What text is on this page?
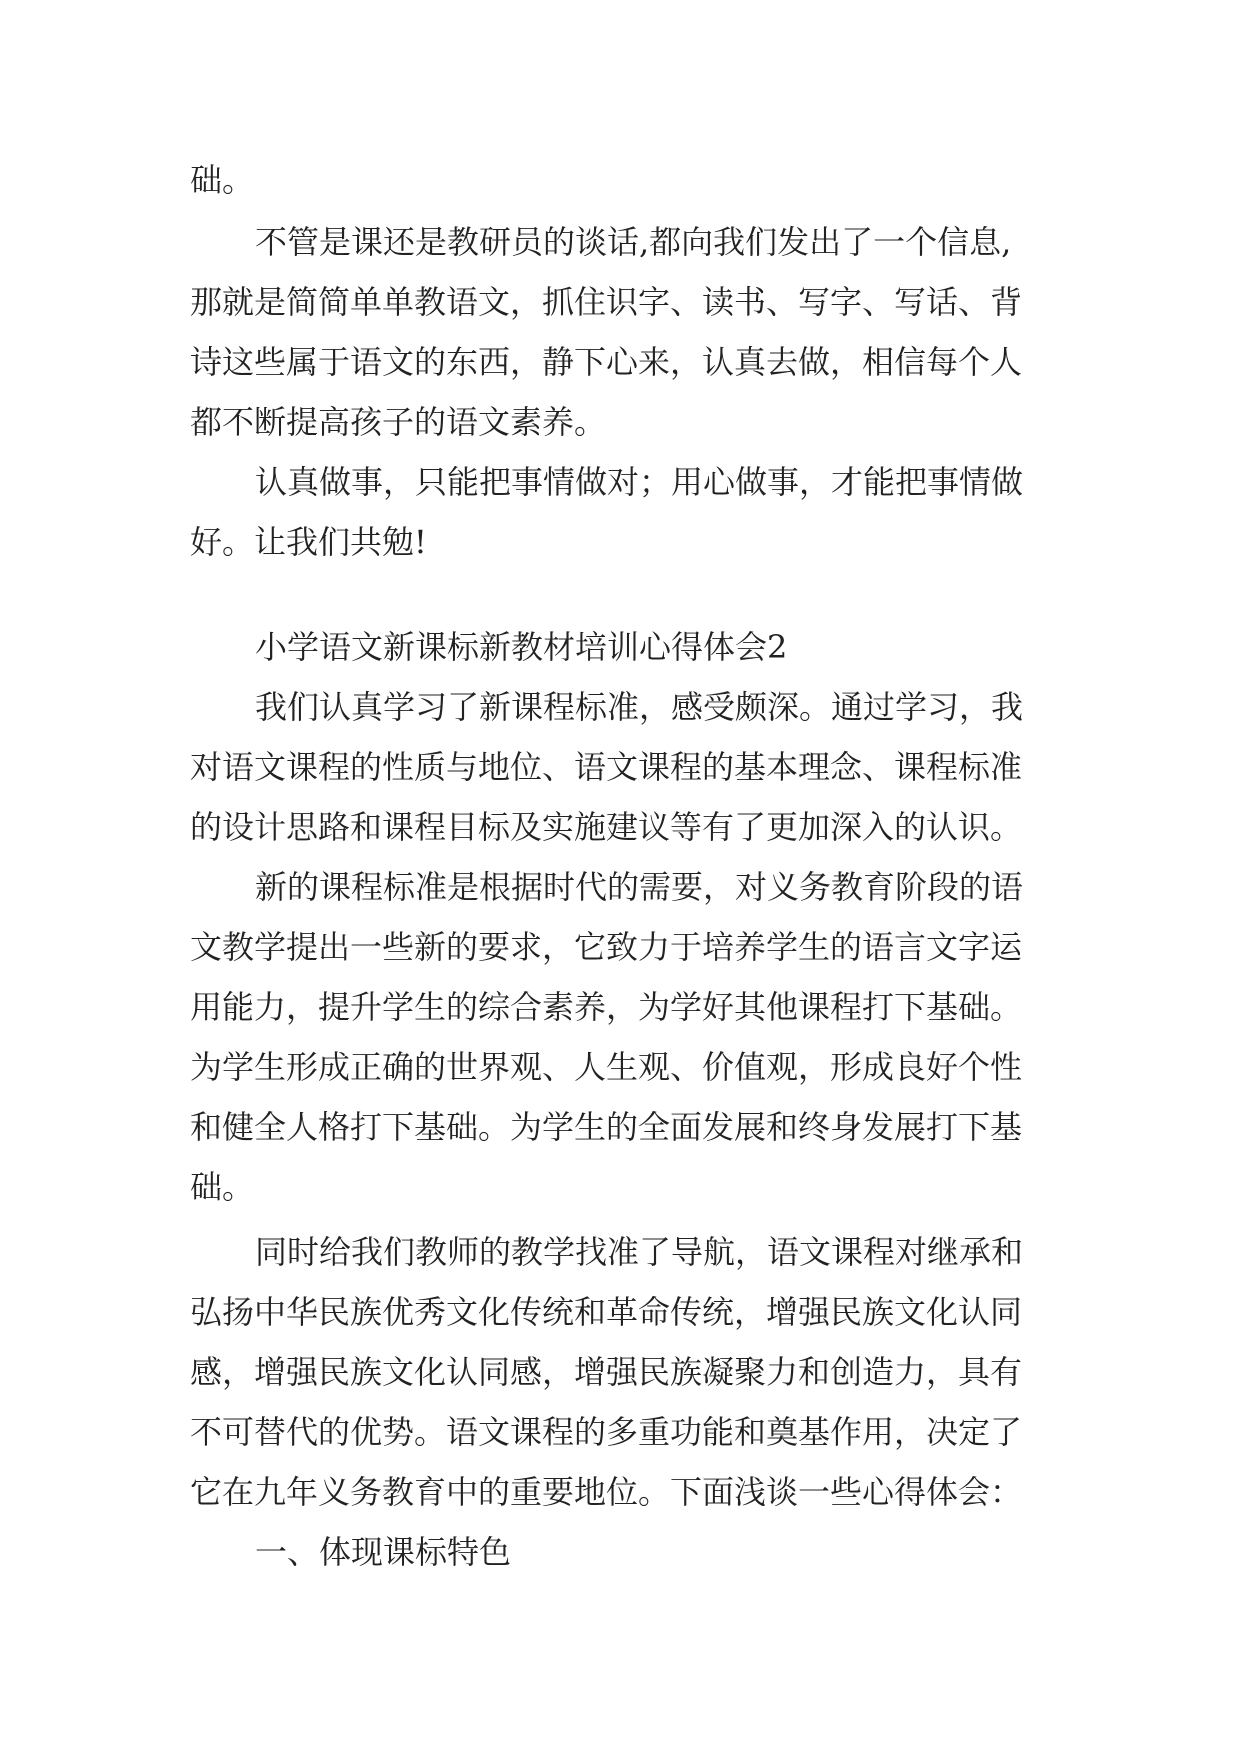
础。
不管是课还是教研员的谈话,都向我们发出了一个信息,
那就是简简单单教语文，抓住识字、读书、写字、写话、背
诗这些属于语文的东西，静下心来，认真去做，相信每个人
都不断提高孩子的语文素养。
认真做事，只能把事情做对；用心做事，才能把事情做
好。让我们共勉!
小学语文新课标新教材培训心得体会2
我们认真学习了新课程标准，感受颇深。通过学习，我
对语文课程的性质与地位、语文课程的基本理念、课程标准
的设计思路和课程目标及实施建议等有了更加深入的认识。
新的课程标准是根据时代的需要，对义务教育阶段的语
文教学提出一些新的要求，它致力于培养学生的语言文字运
用能力，提升学生的综合素养，为学好其他课程打下基础。
为学生形成正确的世界观、人生观、价值观，形成良好个性
和健全人格打下基础。为学生的全面发展和终身发展打下基
础。
同时给我们教师的教学找准了导航，语文课程对继承和
弘扬中华民族优秀文化传统和革命传统，增强民族文化认同
感，增强民族文化认同感，增强民族凝聚力和创造力，具有
不可替代的优势。语文课程的多重功能和奠基作用，决定了
它在九年义务教育中的重要地位。下面浅谈一些心得体会：
一、体现课标特色
